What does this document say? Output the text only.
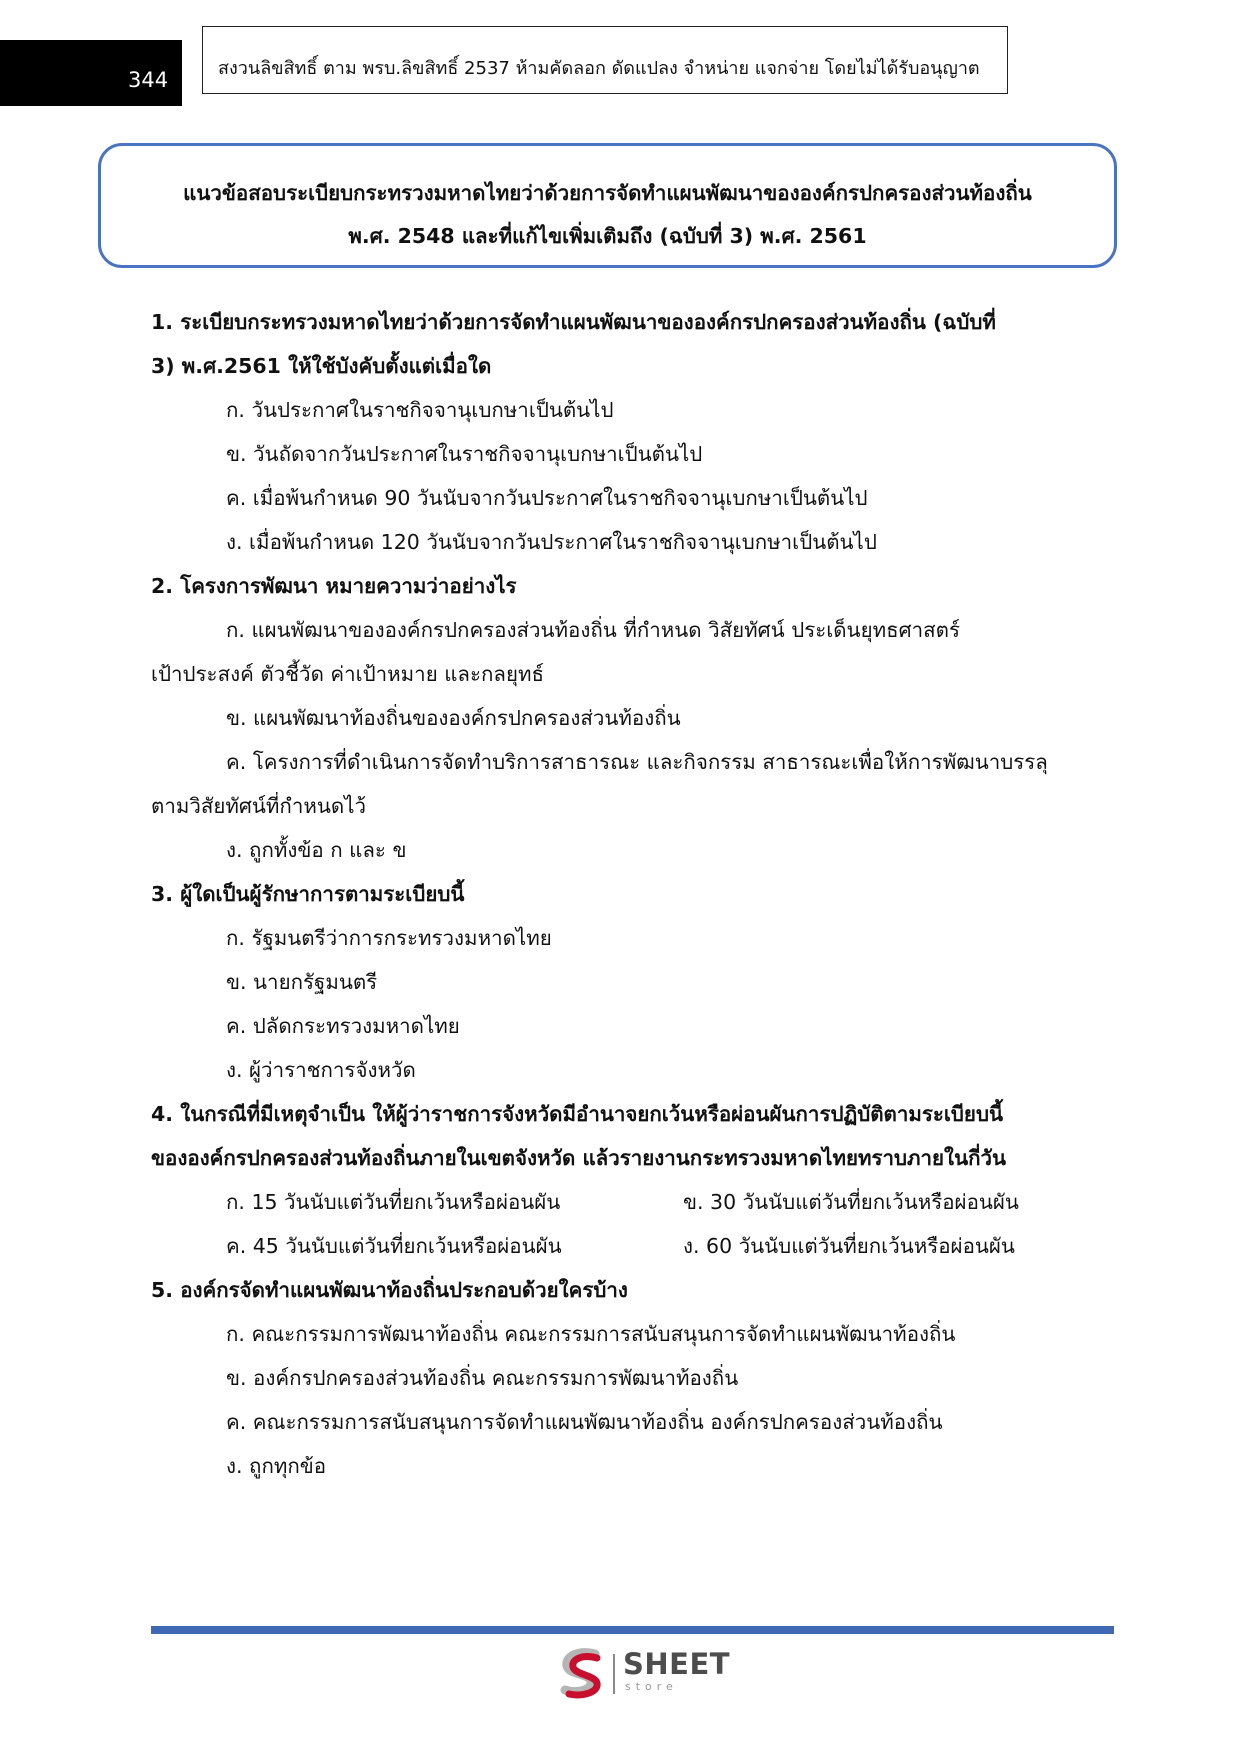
344	สงวนลิขสิทธิ์ ตาม พรบ.ลิขสิทธิ์ 2537 ห้ามคัดลอก ดัดแปลง จำหน่าย แจกจ่าย โดยไม่ได้รับอนุญาต
แนวข้อสอบระเบียบกระทรวงมหาดไทยว่าด้วยการจัดทำแผนพัฒนาขององค์กรปกครองส่วนท้องถิ่น
พ.ศ. 2548 และที่แก้ไขเพิ่มเติมถึง (ฉบับที่ 3) พ.ศ. 2561
1. ระเบียบกระทรวงมหาดไทยว่าด้วยการจัดทำแผนพัฒนาขององค์กรปกครองส่วนท้องถิ่น (ฉบับที่
3) พ.ศ.2561 ให้ใช้บังคับตั้งแต่เมื่อใด
ก. วันประกาศในราชกิจจานุเบกษาเป็นต้นไป
ข. วันถัดจากวันประกาศในราชกิจจานุเบกษาเป็นต้นไป
ค. เมื่อพ้นกำหนด 90 วันนับจากวันประกาศในราชกิจจานุเบกษาเป็นต้นไป
ง. เมื่อพ้นกำหนด 120 วันนับจากวันประกาศในราชกิจจานุเบกษาเป็นต้นไป
2. โครงการพัฒนา หมายความว่าอย่างไร
ก. แผนพัฒนาขององค์กรปกครองส่วนท้องถิ่น ที่กำหนด วิสัยทัศน์ ประเด็นยุทธศาสตร์
เป้าประสงค์ ตัวชี้วัด ค่าเป้าหมาย และกลยุทธ์
ข. แผนพัฒนาท้องถิ่นขององค์กรปกครองส่วนท้องถิ่น
ค. โครงการที่ดำเนินการจัดทำบริการสาธารณะ และกิจกรรม สาธารณะเพื่อให้การพัฒนาบรรลุ
ตามวิสัยทัศน์ที่กำหนดไว้
ง. ถูกทั้งข้อ ก และ ข
3. ผู้ใดเป็นผู้รักษาการตามระเบียบนี้
ก. รัฐมนตรีว่าการกระทรวงมหาดไทย
ข. นายกรัฐมนตรี
ค. ปลัดกระทรวงมหาดไทย
ง. ผู้ว่าราชการจังหวัด
4. ในกรณีที่มีเหตุจำเป็น ให้ผู้ว่าราชการจังหวัดมีอำนาจยกเว้นหรือผ่อนผันการปฏิบัติตามระเบียบนี้
ขององค์กรปกครองส่วนท้องถิ่นภายในเขตจังหวัด แล้วรายงานกระทรวงมหาดไทยทราบภายในกี่วัน
ก. 15 วันนับแต่วันที่ยกเว้นหรือผ่อนผัน	ข. 30 วันนับแต่วันที่ยกเว้นหรือผ่อนผัน
ค. 45 วันนับแต่วันที่ยกเว้นหรือผ่อนผัน	ง. 60 วันนับแต่วันที่ยกเว้นหรือผ่อนผัน
5. องค์กรจัดทำแผนพัฒนาท้องถิ่นประกอบด้วยใครบ้าง
ก. คณะกรรมการพัฒนาท้องถิ่น คณะกรรมการสนับสนุนการจัดทำแผนพัฒนาท้องถิ่น
ข. องค์กรปกครองส่วนท้องถิ่น คณะกรรมการพัฒนาท้องถิ่น
ค. คณะกรรมการสนับสนุนการจัดทำแผนพัฒนาท้องถิ่น องค์กรปกครองส่วนท้องถิ่น
ง. ถูกทุกข้อ
SHEET
store
